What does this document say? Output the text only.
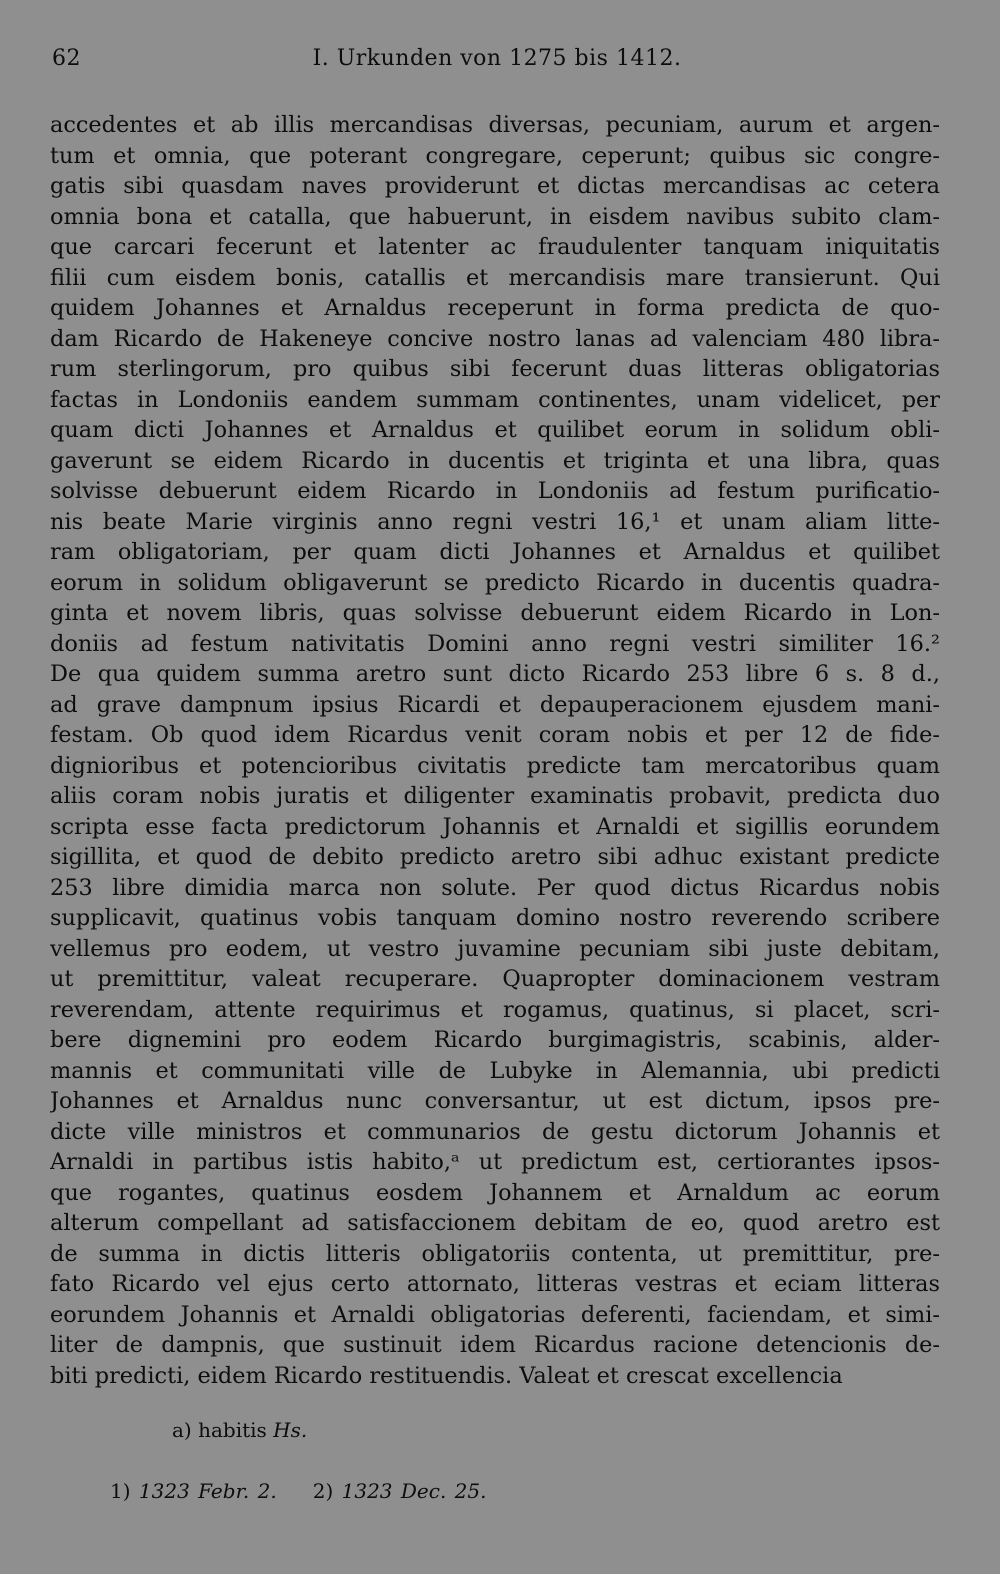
62	I. Urkunden von 1275 bis 1412.
accedentes et ab illis mercandisas diversas, pecuniam, aurum et argen-
tum et omnia, que poterant congregare, ceperunt; quibus sic congre-
gatis sibi quasdam naves providerunt et dictas mercandisas ac cetera
omnia bona et catalla, que habuerunt, in eisdem navibus subito clam-
que carcari fecerunt et latenter ac fraudulenter tanquam iniquitatis
filii cum eisdem bonis, catallis et mercandisis mare transierunt. Qui
quidem Johannes et Arnaldus receperunt in forma predicta de quo-
dam Ricardo de Hakeneye concive nostro lanas ad valenciam 480 libra-
rum sterlingorum, pro quibus sibi fecerunt duas litteras obligatorias
factas in Londoniis eandem summam continentes, unam videlicet, per
quam dicti Johannes et Arnaldus et quilibet eorum in solidum obli-
gaverunt se eidem Ricardo in ducentis et triginta et una libra, quas
solvisse debuerunt eidem Ricardo in Londoniis ad festum purificatio-
nis beate Marie virginis anno regni vestri 16,¹ et unam aliam litte-
ram obligatoriam, per quam dicti Johannes et Arnaldus et quilibet
eorum in solidum obligaverunt se predicto Ricardo in ducentis quadra-
ginta et novem libris, quas solvisse debuerunt eidem Ricardo in Lon-
doniis ad festum nativitatis Domini anno regni vestri similiter 16.²
De qua quidem summa aretro sunt dicto Ricardo 253 libre 6 s. 8 d.,
ad grave dampnum ipsius Ricardi et depauperacionem ejusdem mani-
festam. Ob quod idem Ricardus venit coram nobis et per 12 de fide-
dignioribus et potencioribus civitatis predicte tam mercatoribus quam
aliis coram nobis juratis et diligenter examinatis probavit, predicta duo
scripta esse facta predictorum Johannis et Arnaldi et sigillis eorundem
sigillita, et quod de debito predicto aretro sibi adhuc existant predicte
253 libre dimidia marca non solute. Per quod dictus Ricardus nobis
supplicavit, quatinus vobis tanquam domino nostro reverendo scribere
vellemus pro eodem, ut vestro juvamine pecuniam sibi juste debitam,
ut premittitur, valeat recuperare. Quapropter dominacionem vestram
reverendam, attente requirimus et rogamus, quatinus, si placet, scri-
bere dignemini pro eodem Ricardo burgimagistris, scabinis, alder-
mannis et communitati ville de Lubyke in Alemannia, ubi predicti
Johannes et Arnaldus nunc conversantur, ut est dictum, ipsos pre-
dicte ville ministros et communarios de gestu dictorum Johannis et
Arnaldi in partibus istis habito,ᵃ ut predictum est, certiorantes ipsos-
que rogantes, quatinus eosdem Johannem et Arnaldum ac eorum
alterum compellant ad satisfaccionem debitam de eo, quod aretro est
de summa in dictis litteris obligatoriis contenta, ut premittitur, pre-
fato Ricardo vel ejus certo attornato, litteras vestras et eciam litteras
eorundem Johannis et Arnaldi obligatorias deferenti, faciendam, et simi-
liter de dampnis, que sustinuit idem Ricardus racione detencionis de-
biti predicti, eidem Ricardo restituendis. Valeat et crescat excellencia
a) habitis Hs.
1) 1323 Febr. 2. 2) 1323 Dec. 25.
